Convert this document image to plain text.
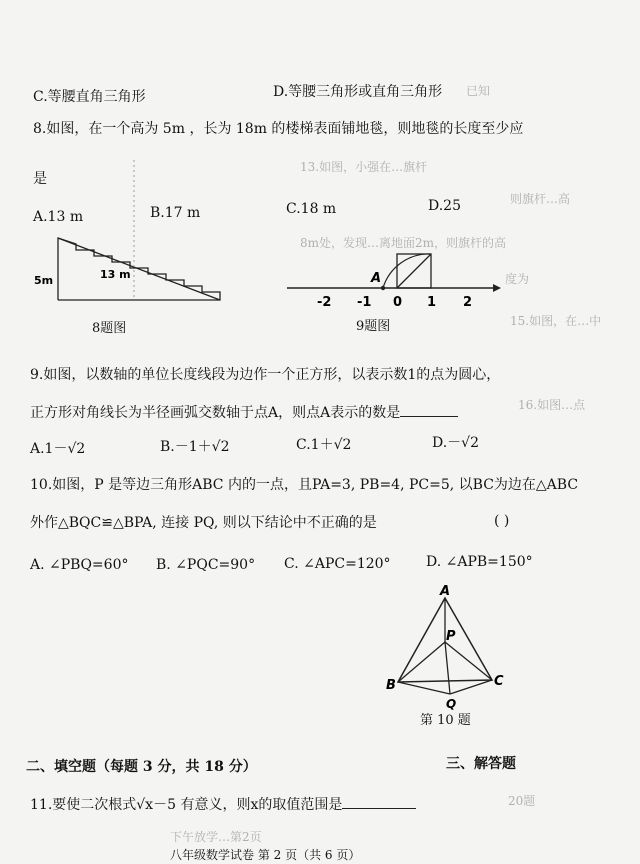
C.等腰直角三角形	D.等腰三角形或直角三角形 已知
8.如图，在一个高为 5m ，长为 18m 的楼梯表面铺地毯，则地毯的长度至少应
是
13.如图，小强在…旗杆
A.13 m	B.17 m	C.18 m	D.25	则旗杆…高
8m处，发现…离地面2m，则旗杆的高
度为
5m	13 m
8题图
A
-2 -1 0 1 2
9题图	15.如图，在…中
9.如图，以数轴的单位长度线段为边作一个正方形，以表示数1的点为圆心，
正方形对角线长为半径画弧交数轴于点A，则点A表示的数是	16.如图…点
A.1－√2	B.－1＋√2	C.1＋√2	D.－√2
10.如图，P 是等边三角形ABC 内的一点，且PA=3, PB=4, PC=5, 以BC为边在△ABC
外作△BQC≌△BPA, 连接 PQ, 则以下结论中不正确的是	( )
A. ∠PBQ=60° B. ∠PQC=90° C. ∠APC=120°	D. ∠APB=150°
A
P
B	C
Q
第 10 题
二、填空题（每题 3 分，共 18 分）	三、解答题
11.要使二次根式√x－5 有意义，则x的取值范围是	20题
下午放学…第2页
八年级数学试卷 第 2 页（共 6 页）
